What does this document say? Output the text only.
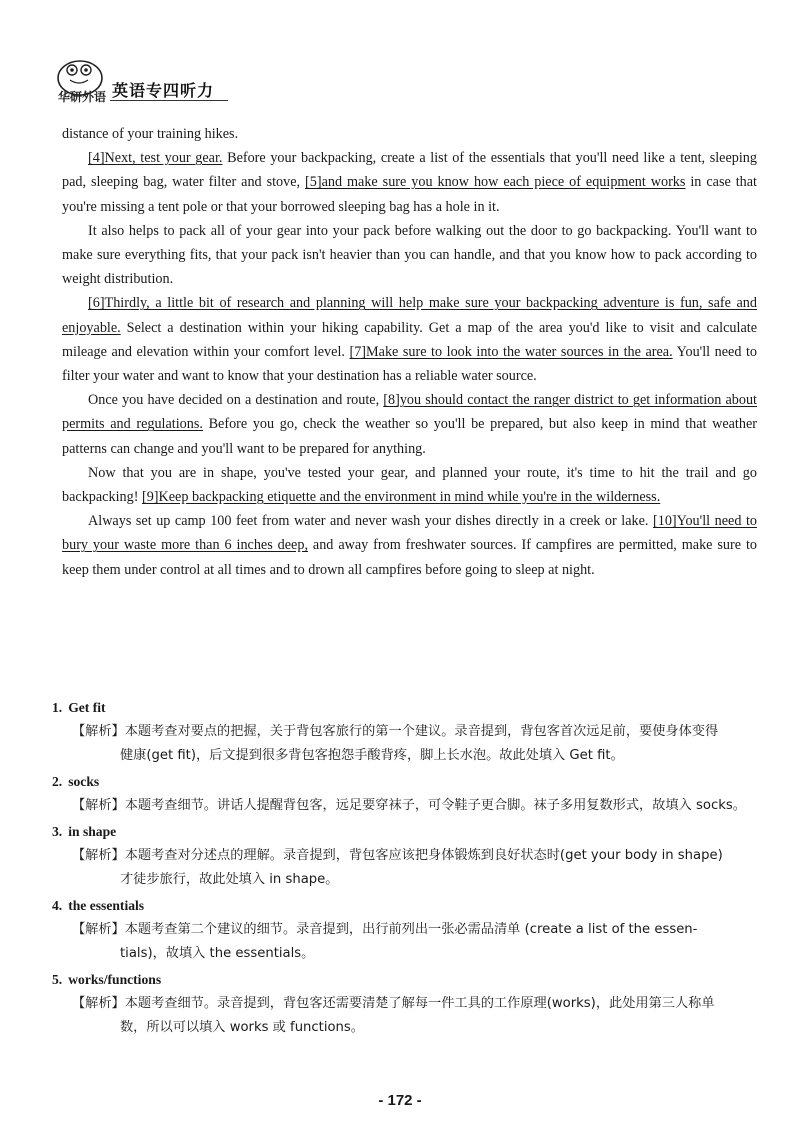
华研外语 英语专四听力

distance of your training hikes.

[4]Next, test your gear. Before your backpacking, create a list of the essentials that you'll need like a tent, sleeping pad, sleeping bag, water filter and stove, [5]and make sure you know how each piece of equipment works in case that you're missing a tent pole or that your borrowed sleeping bag has a hole in it.

It also helps to pack all of your gear into your pack before walking out the door to go backpacking. You'll want to make sure everything fits, that your pack isn't heavier than you can handle, and that you know how to pack according to weight distribution.

[6]Thirdly, a little bit of research and planning will help make sure your backpacking adventure is fun, safe and enjoyable. Select a destination within your hiking capability. Get a map of the area you'd like to visit and calculate mileage and elevation within your comfort level. [7]Make sure to look into the water sources in the area. You'll need to filter your water and want to know that your destination has a reliable water source.

Once you have decided on a destination and route, [8]you should contact the ranger district to get information about permits and regulations. Before you go, check the weather so you'll be prepared, but also keep in mind that weather patterns can change and you'll want to be prepared for anything.

Now that you are in shape, you've tested your gear, and planned your route, it's time to hit the trail and go backpacking! [9]Keep backpacking etiquette and the environment in mind while you're in the wilderness.

Always set up camp 100 feet from water and never wash your dishes directly in a creek or lake. [10]You'll need to bury your waste more than 6 inches deep, and away from freshwater sources. If campfires are permitted, make sure to keep them under control at all times and to drown all campfires before going to sleep at night.

1. Get fit

【解析】本题考查对要点的把握，关于背包客旅行的第一个建议。录音提到，背包客首次远足前，要使身体变得
健康(get fit)，后文提到很多背包客抱怨手酸背疼，脚上长水泡。故此处填入 Get fit。

2. socks

【解析】本题考查细节。讲话人提醒背包客，远足要穿袜子，可令鞋子更合脚。袜子多用复数形式，故填入 socks。

3. in shape

【解析】本题考查对分述点的理解。录音提到，背包客应该把身体锻炼到良好状态时(get your body in shape)
才徒步旅行，故此处填入 in shape。

4. the essentials

【解析】本题考查第二个建议的细节。录音提到，出行前列出一张必需品清单 (create a list of the essen-
tials)，故填入 the essentials。

5. works/functions

【解析】本题考查细节。录音提到，背包客还需要清楚了解每一件工具的工作原理(works)，此处用第三人称单
数，所以可以填入 works 或 functions。

- 172 -
